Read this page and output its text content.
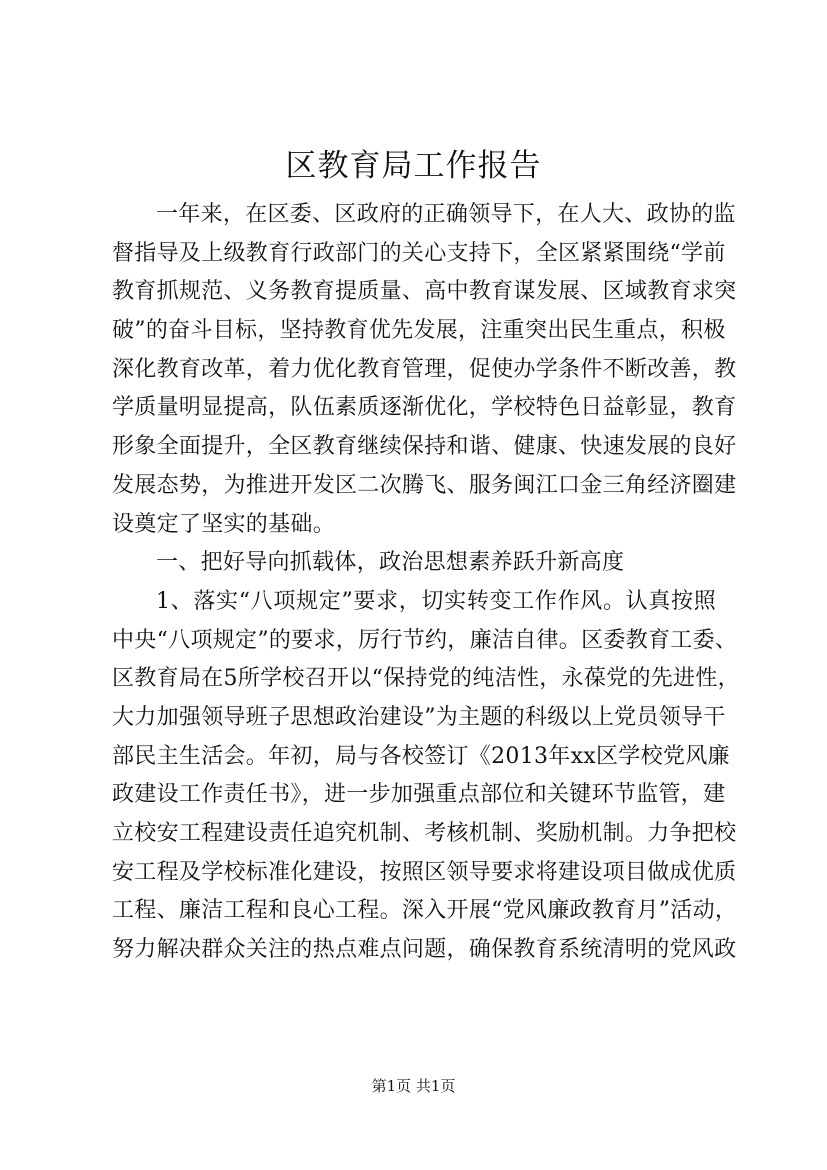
区教育局工作报告
一年来，在区委、区政府的正确领导下，在人大、政协的监
督指导及上级教育行政部门的关心支持下，全区紧紧围绕“学前
教育抓规范、义务教育提质量、高中教育谋发展、区域教育求突
破”的奋斗目标，坚持教育优先发展，注重突出民生重点，积极
深化教育改革，着力优化教育管理，促使办学条件不断改善，教
学质量明显提高，队伍素质逐渐优化，学校特色日益彰显，教育
形象全面提升，全区教育继续保持和谐、健康、快速发展的良好
发展态势，为推进开发区二次腾飞、服务闽江口金三角经济圈建
设奠定了坚实的基础。
一、把好导向抓载体，政治思想素养跃升新高度
1、落实“八项规定”要求，切实转变工作作风。认真按照
中央“八项规定”的要求，厉行节约，廉洁自律。区委教育工委、
区教育局在5所学校召开以“保持党的纯洁性，永葆党的先进性，
大力加强领导班子思想政治建设”为主题的科级以上党员领导干
部民主生活会。年初，局与各校签订《2013年xx区学校党风廉
政建设工作责任书》，进一步加强重点部位和关键环节监管，建
立校安工程建设责任追究机制、考核机制、奖励机制。力争把校
安工程及学校标准化建设，按照区领导要求将建设项目做成优质
工程、廉洁工程和良心工程。深入开展“党风廉政教育月”活动，
努力解决群众关注的热点难点问题，确保教育系统清明的党风政
第1页 共1页
